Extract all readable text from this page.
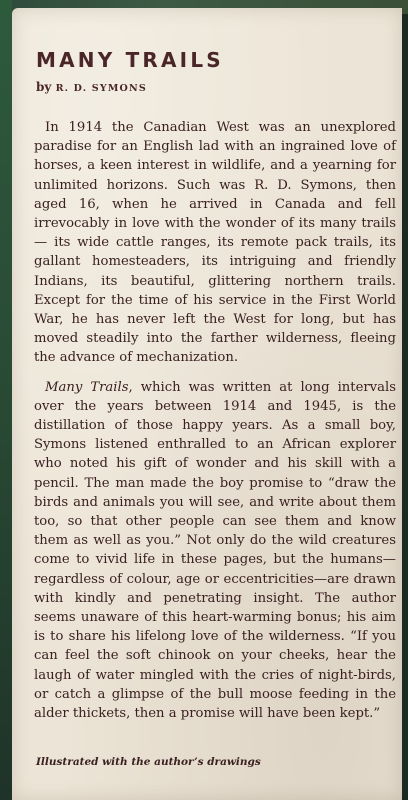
MANY TRAILS
by R. D. SYMONS

In 1914 the Canadian West was an unexplored paradise for an English lad with an ingrained love of horses, a keen interest in wildlife, and a yearning for unlimited horizons. Such was R. D. Symons, then aged 16, when he arrived in Canada and fell irrevocably in love with the wonder of its many trails — its wide cattle ranges, its remote pack trails, its gallant homesteaders, its intriguing and friendly Indians, its beautiful, glittering northern trails. Except for the time of his service in the First World War, he has never left the West for long, but has moved steadily into the farther wilderness, fleeing the advance of mechanization.

Many Trails, which was written at long intervals over the years between 1914 and 1945, is the distillation of those happy years. As a small boy, Symons listened enthralled to an African explorer who noted his gift of wonder and his skill with a pencil. The man made the boy promise to “draw the birds and animals you will see, and write about them too, so that other people can see them and know them as well as you.” Not only do the wild creatures come to vivid life in these pages, but the humans—regardless of colour, age or eccentricities—are drawn with kindly and penetrating insight. The author seems unaware of this heart-warming bonus; his aim is to share his lifelong love of the wilderness. “If you can feel the soft chinook on your cheeks, hear the laugh of water mingled with the cries of night-birds, or catch a glimpse of the bull moose feeding in the alder thickets, then a promise will have been kept.”

Illustrated with the author’s drawings
